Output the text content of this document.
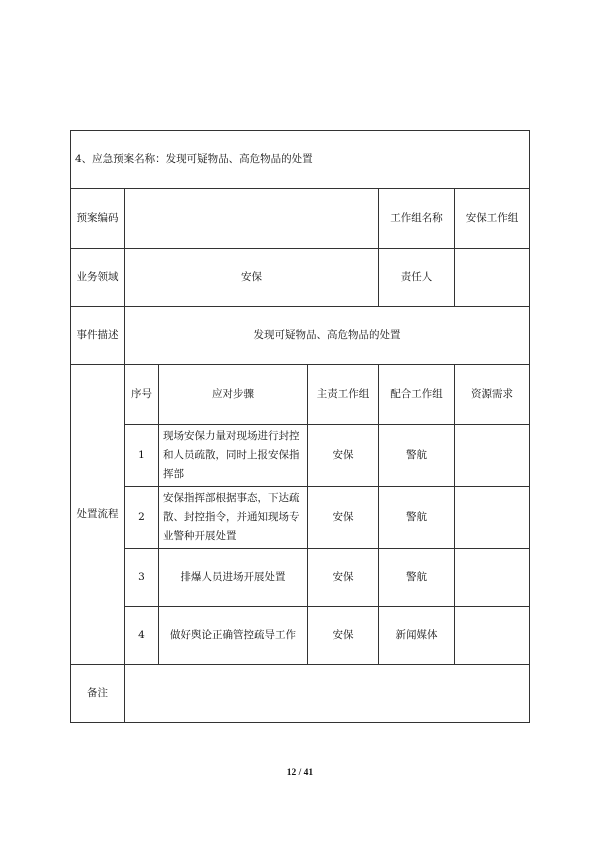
4、应急预案名称：发现可疑物品、高危物品的处置					
预案编码				工作组名称	安保工作组
业务领域	安保			责任人	
事件描述	发现可疑物品、高危物品的处置				
处置流程	序号	应对步骤	主责工作组	配合工作组	资源需求
	1	现场安保力量对现场进行封控和人员疏散，同时上报安保指挥部	安保	警航	
	2	安保指挥部根据事态，下达疏散、封控指令，并通知现场专业警种开展处置	安保	警航	
	3	排爆人员进场开展处置	安保	警航	
	4	做好舆论正确管控疏导工作	安保	新闻媒体	
备注					
12 / 41
